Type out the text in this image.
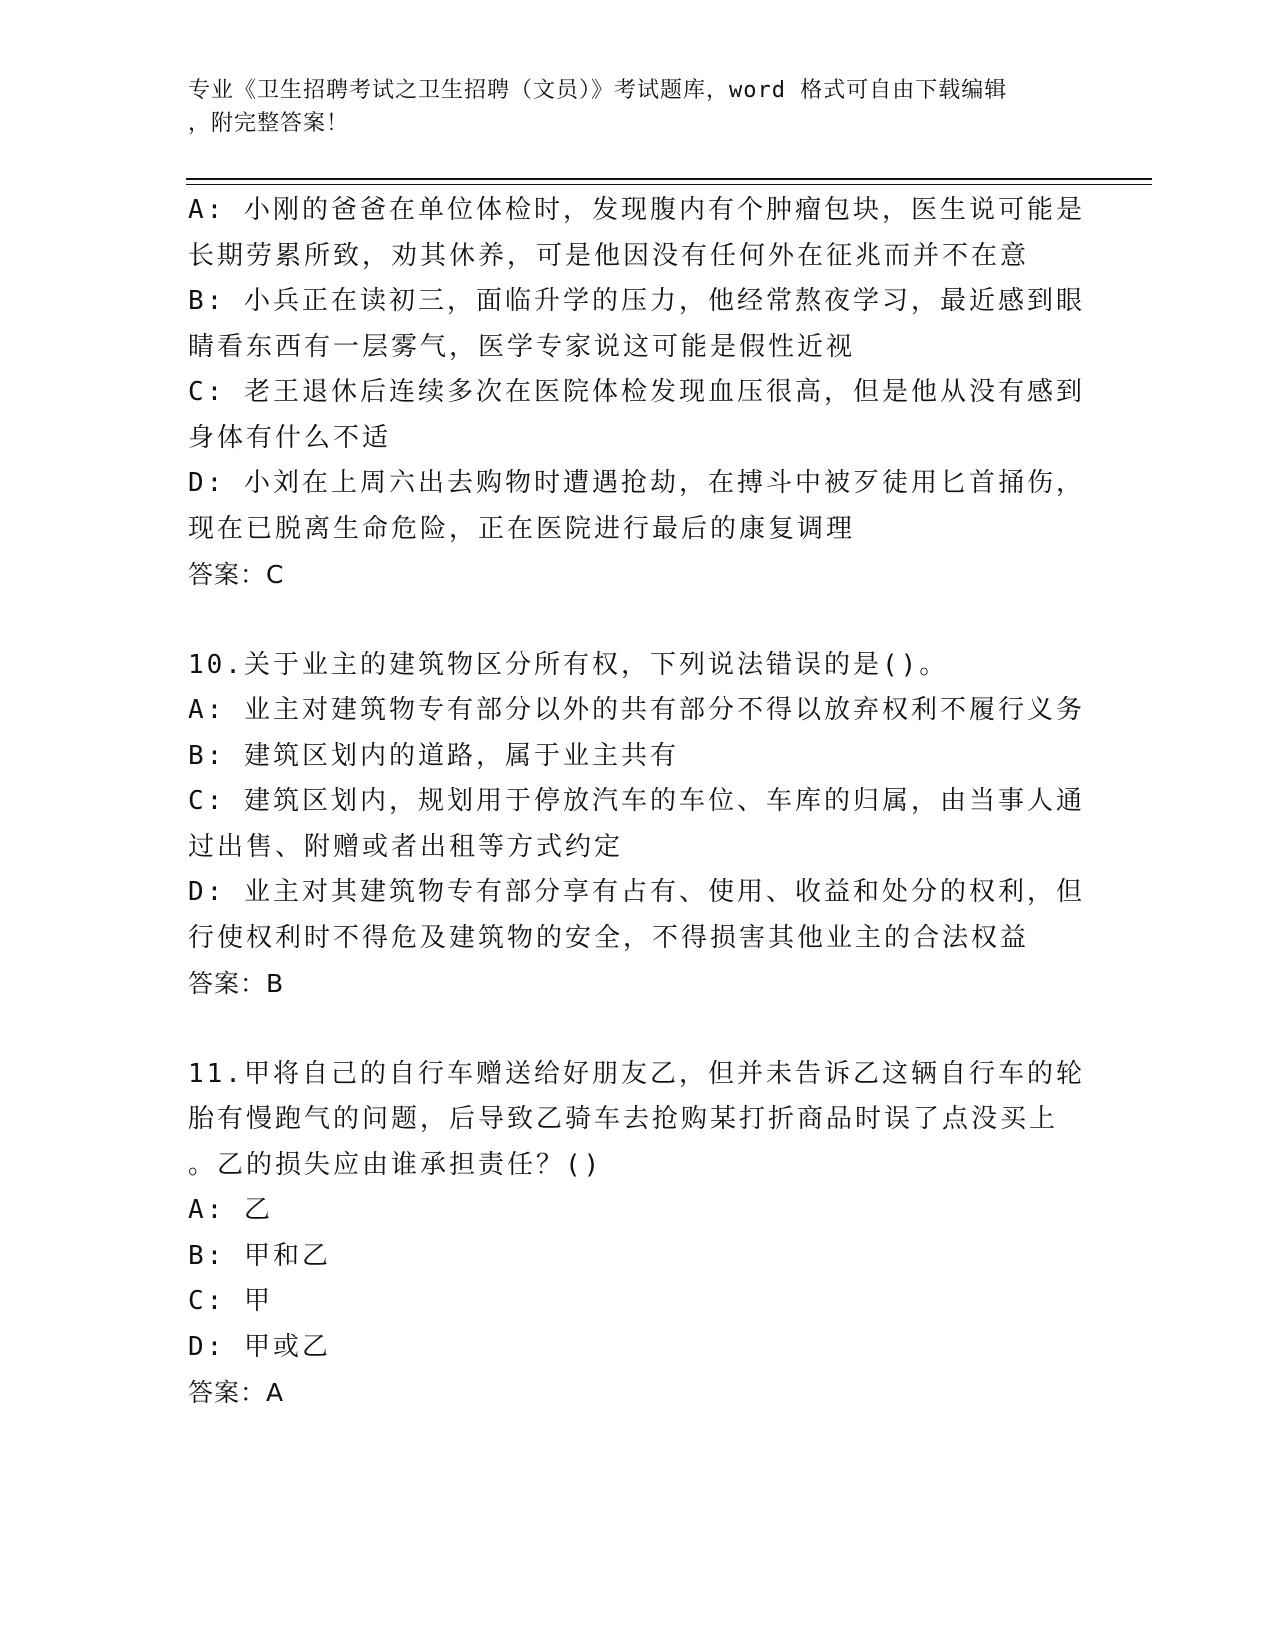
专业《卫生招聘考试之卫生招聘（文员）》考试题库，word 格式可自由下载编辑
，附完整答案！
A: 小刚的爸爸在单位体检时，发现腹内有个肿瘤包块，医生说可能是
长期劳累所致，劝其休养，可是他因没有任何外在征兆而并不在意
B: 小兵正在读初三，面临升学的压力，他经常熬夜学习，最近感到眼
睛看东西有一层雾气，医学专家说这可能是假性近视
C: 老王退休后连续多次在医院体检发现血压很高，但是他从没有感到
身体有什么不适
D: 小刘在上周六出去购物时遭遇抢劫，在搏斗中被歹徒用匕首捅伤，
现在已脱离生命危险，正在医院进行最后的康复调理
答案：C
10.关于业主的建筑物区分所有权，下列说法错误的是()。
A: 业主对建筑物专有部分以外的共有部分不得以放弃权利不履行义务
B: 建筑区划内的道路，属于业主共有
C: 建筑区划内，规划用于停放汽车的车位、车库的归属，由当事人通
过出售、附赠或者出租等方式约定
D: 业主对其建筑物专有部分享有占有、使用、收益和处分的权利，但
行使权利时不得危及建筑物的安全，不得损害其他业主的合法权益
答案：B
11.甲将自己的自行车赠送给好朋友乙，但并未告诉乙这辆自行车的轮
胎有慢跑气的问题，后导致乙骑车去抢购某打折商品时误了点没买上
。乙的损失应由谁承担责任？()
A: 乙
B: 甲和乙
C: 甲
D: 甲或乙
答案：A
